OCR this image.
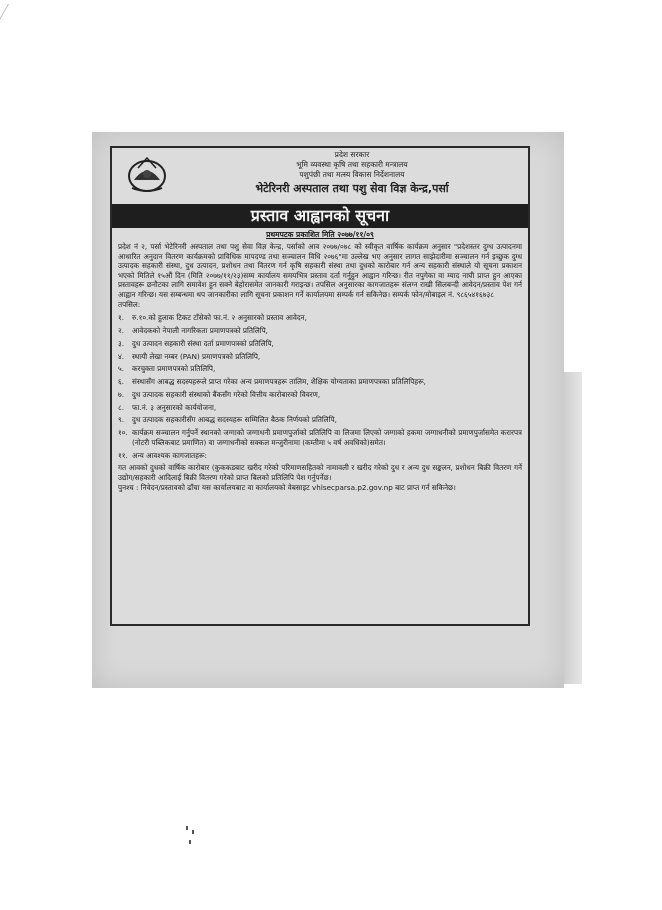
प्रदेश सरकार
भूमि व्यवस्था कृषि तथा सहकारी मन्त्रालय
पशुपंछी तथा मत्स्य विकास निर्देशनालय
भेटेरिनरी अस्पताल तथा पशु सेवा विज्ञ केन्द्र,पर्सा
प्रस्ताव आह्वानको सूचना
प्रथमपटक प्रकाशित मिति २०७७/११/०९

प्रदेश नं २, पर्सा भेटेरिनरी अस्पताल तथा पशु सेवा विज्ञ केन्द्र, पर्साको आव २०७७/०७८ को स्वीकृत वार्षिक कार्यक्रम अनुसार "प्रदेशस्तर दुग्ध उत्पादनमा आधारित अनुदान वितरण कार्यक्रमको प्राविधिक मापदण्ड तथा सञ्चालन विधि २०७६"मा उल्लेख भए अनुसार लागत साझेदारीमा सञ्चालन गर्न इच्छुक दुग्ध उत्पादक सहकारी संस्था, दुध उत्पादन, प्रशोधन तथा वितरण गर्न कृषि सहकारी संस्था तथा दुधको कारोबार गर्न अन्य सहकारी संस्थाले यो सूचना प्रकाशन भएको मितिले १५औं दिन (मिति २०७७/११/२३)सम्म कार्यालय समयभित्र प्रस्ताव दर्ता गर्नुहुन आह्वान गरिन्छ। रीत नपुगेका वा म्याद नाघी प्राप्त हुन आएका प्रस्तावहरू छनौटका लागि समावेश हुन सक्ने बेहोरासमेत जानकारी गराइन्छ। तपसिल अनुसारका कागजातहरू संलग्न राखी सिलबन्दी आवेदन/प्रस्ताव पेश गर्न आह्वान गरिन्छ। यस सम्बन्धमा थप जानकारीका लागि सूचना प्रकाशन गर्ने कार्यालयमा सम्पर्क गर्न सकिनेछ। सम्पर्क फोन/मोबाइल नं. ९८६५४१६७३८

तपसिल:

१.	रु.१०.को हुलाक टिकट टाँसेको फा.नं. २ अनुसारको प्रस्ताव आवेदन,
२.	आवेदकको नेपाली नागरिकता प्रमाणपत्रको प्रतिलिपि,
३.	दुध उत्पादन सहकारी संस्था दर्ता प्रमाणपत्रको प्रतिलिपि,
४.	स्थायी लेखा नम्बर (PAN) प्रमाणपत्रको प्रतिलिपि,
५.	करचुक्ता प्रमाणपत्रको प्रतिलिपि,
६.	संस्थासँग आबद्ध सदस्यहरूले प्राप्त गरेका अन्य प्रमाणपत्रहरू तालिम, शैक्षिक योग्यताका प्रमाणपत्रका प्रतिलिपिहरू,
७.	दुध उत्पादक सहकारी संस्थाको बैंकसँग गरेको वित्तीय कारोबारको विवरण,
८.	फा.नं. ३ अनुसारको कार्ययोजना,
९.	दुध उत्पादक सहकारीसँग आबद्ध सदस्यहरू सम्मिलित बैठक निर्णयको प्रतिलिपि,
१०. कार्यक्रम सञ्चालन गर्नुपर्ने स्थानको जग्गाको जग्गाधनी प्रमाणपुर्जाको प्रतिलिपि वा लिजमा लिएको जग्गाको हकमा जग्गाधनीको प्रमाणपुर्जासमेत करारपत्र (नोटरी पब्लिकबाट प्रमाणित) वा जग्गाधनीको सक्कल मन्जुरीनामा (कम्तीमा ५ वर्ष अवधिको)समेत।
११. अन्य आवश्यक कागजातहरू:

गत आवको दुधको वार्षिक कारोबार (कुककडबाट खरीद गरेको परिमाणसहितको नामावली र खरीद गरेको दुध र अन्य दुध सङ्कलन, प्रशोधन बिक्री वितरण गर्ने उद्योग/सहकारी आदिलाई बिक्री वितरण गरेको प्राप्त बिलको प्रतिलिपि पेश गर्नुपर्नेछ।

पुनश्च : निवेदन/प्रस्तावको ढाँचा यस कार्यालयबाट वा कार्यालयको वेबसाइट vhlsecparsa.p2.gov.np बाट प्राप्त गर्न सकिनेछ।
